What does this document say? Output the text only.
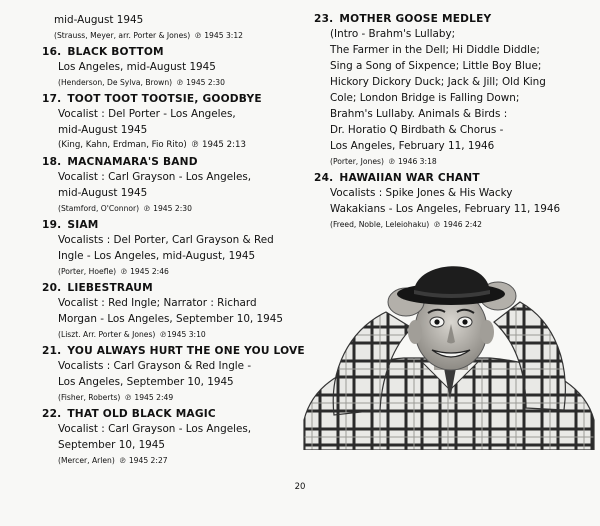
mid-August 1945
(Strauss, Meyer, arr. Porter & Jones) ℗ 1945 3:12
16. BLACK BOTTOM
Los Angeles, mid-August 1945
(Henderson, De Sylva, Brown) ℗ 1945 2:30
17. TOOT TOOT TOOTSIE, GOODBYE
Vocalist : Del Porter - Los Angeles,
mid-August 1945
(King, Kahn, Erdman, Fio Rito) ℗ 1945 2:13
18. MACNAMARA'S BAND
Vocalist : Carl Grayson - Los Angeles,
mid-August 1945
(Stamford, O'Connor) ℗ 1945 2:30
19. SIAM
Vocalists : Del Porter, Carl Grayson & Red
Ingle - Los Angeles, mid-August, 1945
(Porter, Hoefle) ℗ 1945 2:46
20. LIEBESTRAUM
Vocalist : Red Ingle; Narrator : Richard
Morgan - Los Angeles, September 10, 1945
(Liszt. Arr. Porter & Jones) ℗1945 3:10
21. YOU ALWAYS HURT THE ONE YOU LOVE
Vocalists : Carl Grayson & Red Ingle -
Los Angeles, September 10, 1945
(Fisher, Roberts) ℗ 1945 2:49
22. THAT OLD BLACK MAGIC
Vocalist : Carl Grayson - Los Angeles,
September 10, 1945
(Mercer, Arlen) ℗ 1945 2:27
23. MOTHER GOOSE MEDLEY
(Intro - Brahm's Lullaby;
The Farmer in the Dell; Hi Diddle Diddle;
Sing a Song of Sixpence; Little Boy Blue;
Hickory Dickory Duck; Jack & Jill; Old King
Cole; London Bridge is Falling Down;
Brahm's Lullaby. Animals & Birds :
Dr. Horatio Q Birdbath & Chorus -
Los Angeles, February 11, 1946
(Porter, Jones) ℗ 1946 3:18
24. HAWAIIAN WAR CHANT
Vocalists : Spike Jones & His Wacky
Wakakians - Los Angeles, February 11, 1946
(Freed, Noble, Leleiohaku) ℗ 1946 2:42
20
